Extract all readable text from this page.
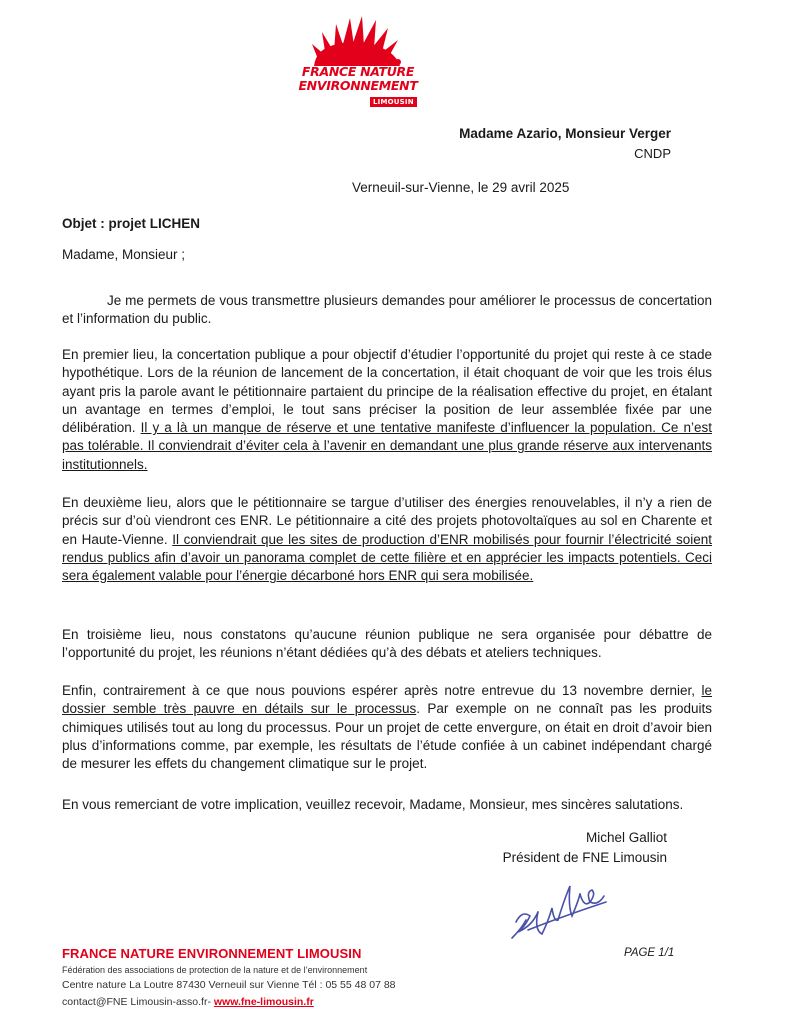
FRANCE NATURE
ENVIRONNEMENT
LIMOUSIN
Madame Azario, Monsieur Verger
CNDP
Verneuil-sur-Vienne, le 29 avril 2025
Objet : projet LICHEN
Madame, Monsieur ;

Je me permets de vous transmettre plusieurs demandes pour améliorer le processus de concertation et l’information du public.

En premier lieu, la concertation publique a pour objectif d’étudier l’opportunité du projet qui reste à ce stade hypothétique. Lors de la réunion de lancement de la concertation, il était choquant de voir que les trois élus ayant pris la parole avant le pétitionnaire partaient du principe de la réalisation effective du projet, en étalant un avantage en termes d’emploi, le tout sans préciser la position de leur assemblée fixée par une délibération. Il y a là un manque de réserve et une tentative manifeste d’influencer la population. Ce n’est pas tolérable. Il conviendrait d’éviter cela à l’avenir en demandant une plus grande réserve aux intervenants institutionnels.

En deuxième lieu, alors que le pétitionnaire se targue d’utiliser des énergies renouvelables, il n’y a rien de précis sur d’où viendront ces ENR. Le pétitionnaire a cité des projets photovoltaïques au sol en Charente et en Haute-Vienne. Il conviendrait que les sites de production d’ENR mobilisés pour fournir l’électricité soient rendus publics afin d’avoir un panorama complet de cette filière et en apprécier les impacts potentiels. Ceci sera également valable pour l’énergie décarboné hors ENR qui sera mobilisée.

En troisième lieu, nous constatons qu’aucune réunion publique ne sera organisée pour débattre de l’opportunité du projet, les réunions n’étant dédiées qu’à des débats et ateliers techniques.

Enfin, contrairement à ce que nous pouvions espérer après notre entrevue du 13 novembre dernier, le dossier semble très pauvre en détails sur le processus. Par exemple on ne connaît pas les produits chimiques utilisés tout au long du processus. Pour un projet de cette envergure, on était en droit d’avoir bien plus d’informations comme, par exemple, les résultats de l’étude confiée à un cabinet indépendant chargé de mesurer les effets du changement climatique sur le projet.

En vous remerciant de votre implication, veuillez recevoir, Madame, Monsieur, mes sincères salutations.

Michel Galliot
Président de FNE Limousin
FRANCE NATURE ENVIRONNEMENT LIMOUSIN
Fédération des associations de protection de la nature et de l’environnement
Centre nature La Loutre 87430 Verneuil sur Vienne Tél : 05 55 48 07 88
contact@FNE Limousin-asso.fr- www.fne-limousin.fr
PAGE 1/1
